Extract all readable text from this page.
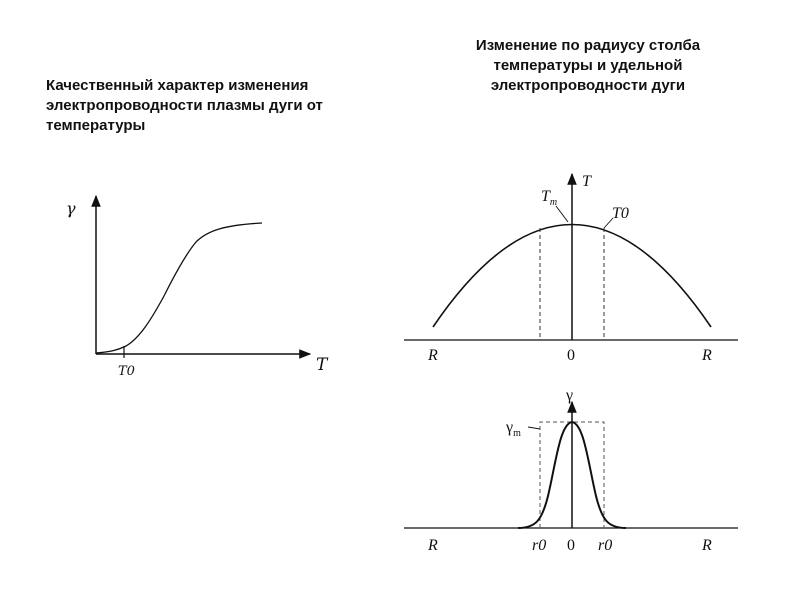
Качественный характер изменения
электропроводности плазмы дуги от
температуры
Изменение по радиусу столба
температуры и удельной
электропроводности дуги
γ
T
T0
T
$T_m$
T0
R	0	R
γ
$\gamma_m$
R	r0 0 r0	R
